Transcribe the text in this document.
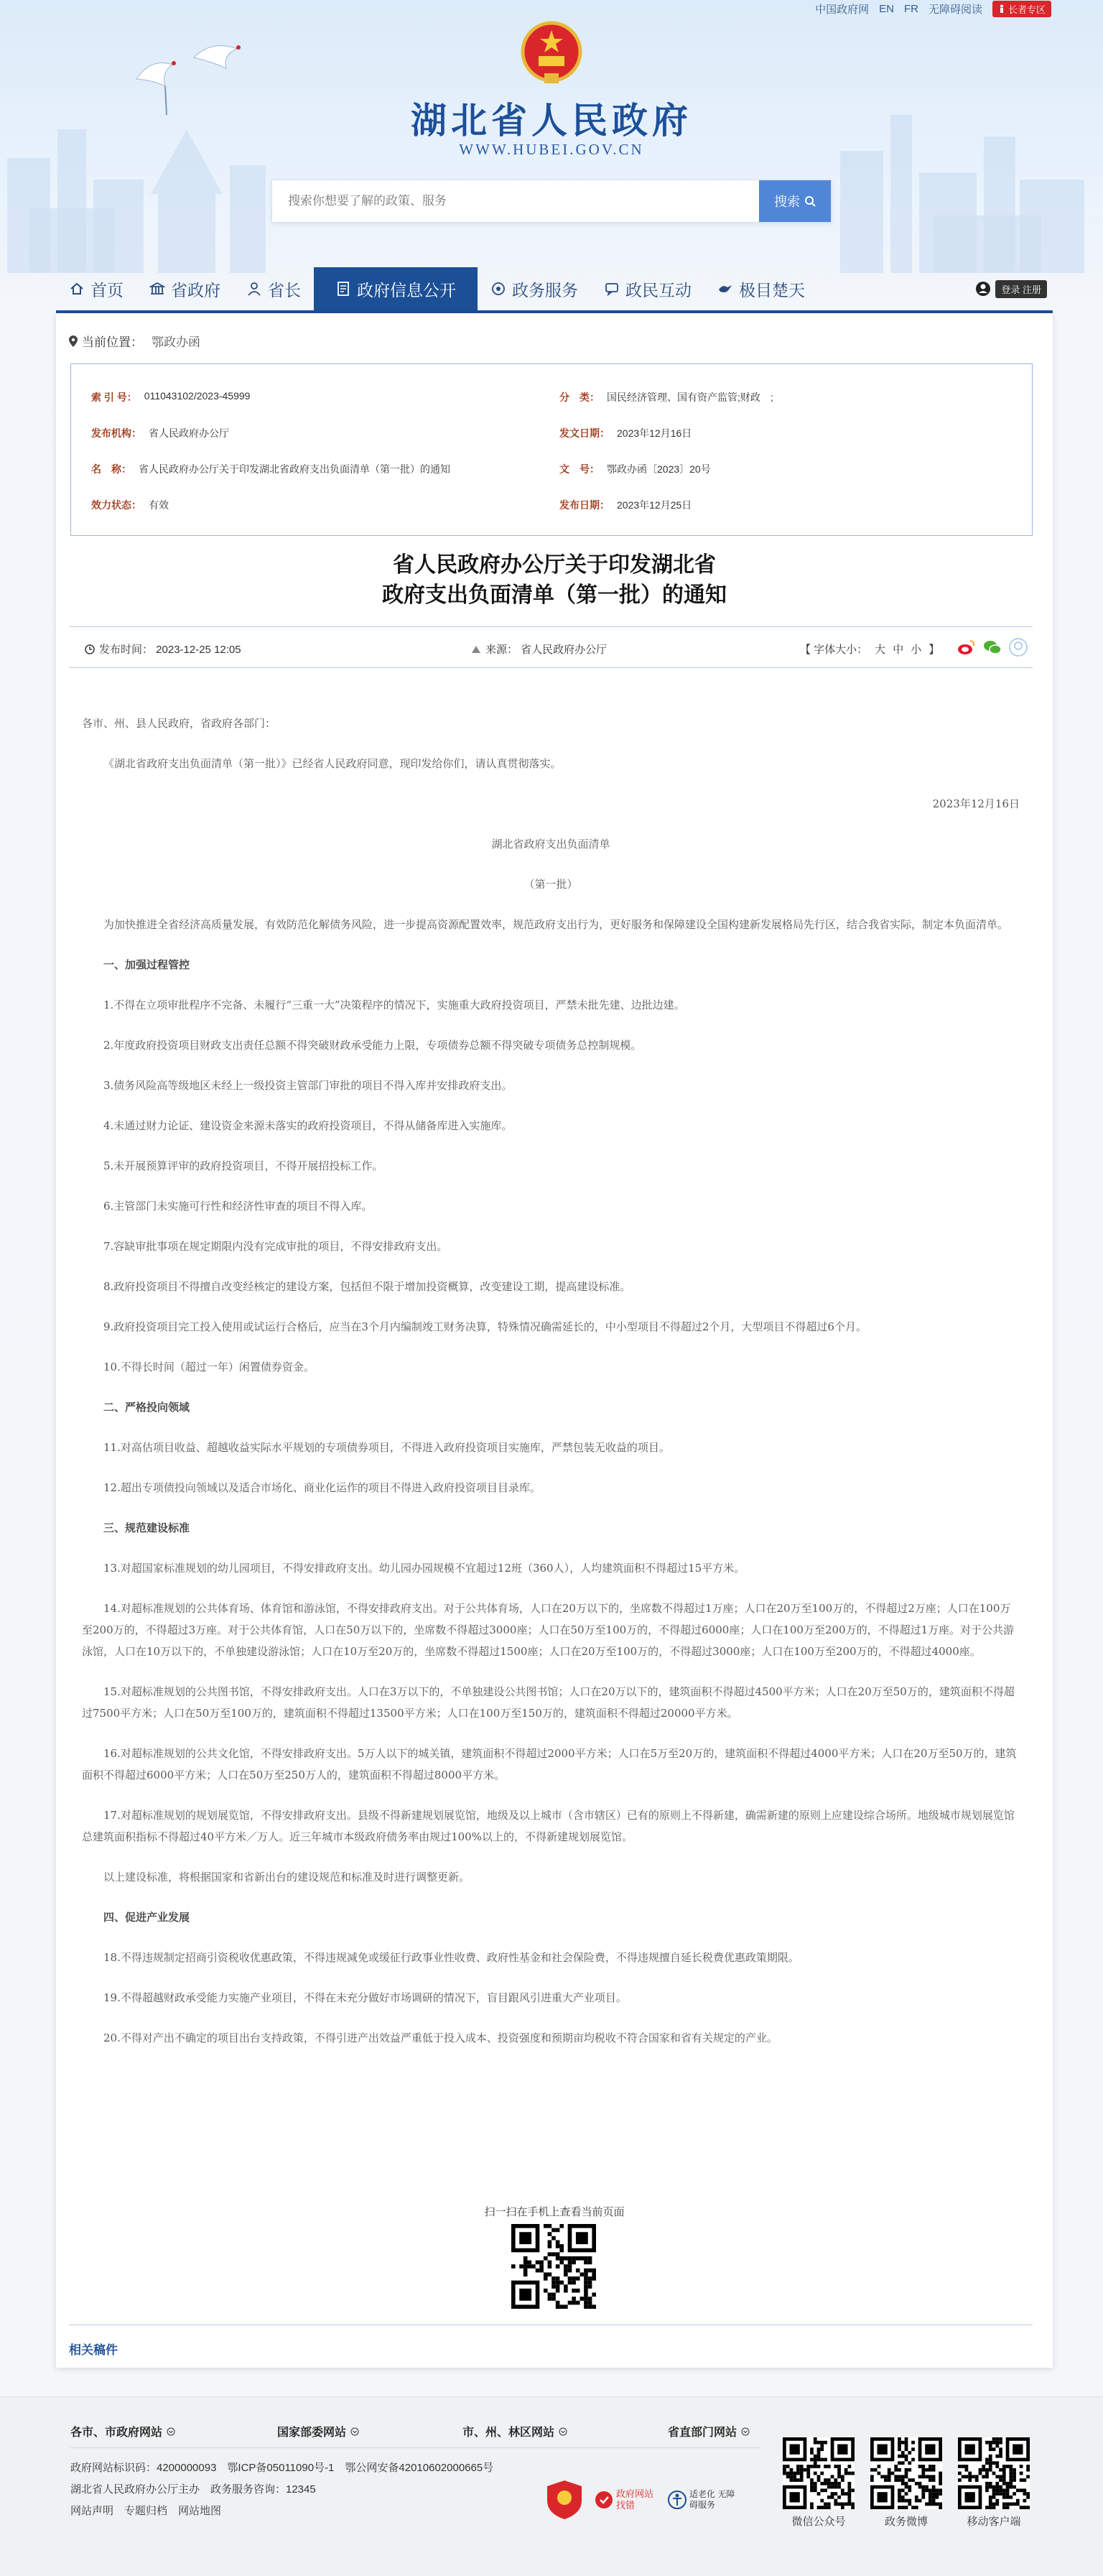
湖北省人民政府
WWW.HUBEI.GOV.CN
搜索你想要了解的政策、服务
搜索
中国政府网 EN FR 无障碍阅读	长者专区
首页	省政府	省长	政府信息公开	政务服务	政民互动	极目楚天	登录 注册
当前位置： 鄂政办函
索 引 号： 011043102/2023-45999	分　类： 国民经济管理、国有资产监管;财政　;
发布机构： 省人民政府办公厅	发文日期： 2023年12月16日
名　称： 省人民政府办公厅关于印发湖北省政府支出负面清单（第一批）的通知	文　号： 鄂政办函〔2023〕20号
效力状态： 有效	发布日期： 2023年12月25日
省人民政府办公厅关于印发湖北省
政府支出负面清单（第一批）的通知
发布时间： 2023-12-25 12:05	来源： 省人民政府办公厅	【 字体大小： 大 中 小 】

各市、州、县人民政府，省政府各部门：

《湖北省政府支出负面清单（第一批）》已经省人民政府同意，现印发给你们，请认真贯彻落实。

2023年12月16日

湖北省政府支出负面清单

（第一批）

为加快推进全省经济高质量发展，有效防范化解债务风险，进一步提高资源配置效率，规范政府支出行为，更好服务和保障建设全国构建新发展格局先行区，结合我省实际，制定本负面清单。

一、加强过程管控

1.不得在立项审批程序不完备、未履行“三重一大”决策程序的情况下，实施重大政府投资项目，严禁未批先建、边批边建。

2.年度政府投资项目财政支出责任总额不得突破财政承受能力上限，专项债券总额不得突破专项债务总控制规模。

3.债务风险高等级地区未经上一级投资主管部门审批的项目不得入库并安排政府支出。

4.未通过财力论证、建设资金来源未落实的政府投资项目，不得从储备库进入实施库。

5.未开展预算评审的政府投资项目，不得开展招投标工作。

6.主管部门未实施可行性和经济性审查的项目不得入库。

7.容缺审批事项在规定期限内没有完成审批的项目，不得安排政府支出。

8.政府投资项目不得擅自改变经核定的建设方案，包括但不限于增加投资概算，改变建设工期，提高建设标准。

9.政府投资项目完工投入使用或试运行合格后，应当在3个月内编制竣工财务决算，特殊情况确需延长的，中小型项目不得超过2个月，大型项目不得超过6个月。

10.不得长时间（超过一年）闲置债券资金。

二、严格投向领域

11.对高估项目收益、超越收益实际水平规划的专项债券项目，不得进入政府投资项目实施库，严禁包装无收益的项目。

12.超出专项债投向领域以及适合市场化、商业化运作的项目不得进入政府投资项目目录库。

三、规范建设标准

13.对超国家标准规划的幼儿园项目，不得安排政府支出。幼儿园办园规模不宜超过12班（360人），人均建筑面积不得超过15平方米。

14.对超标准规划的公共体育场、体育馆和游泳馆，不得安排政府支出。对于公共体育场，人口在20万以下的，坐席数不得超过1万座；人口在20万至100万的，不得超过2万座；人口在100万至200万的，不得超过3万座。对于公共体育馆，人口在50万以下的，坐席数不得超过3000座；人口在50万至100万的，不得超过6000座；人口在100万至200万的，不得超过1万座。对于公共游泳馆，人口在10万以下的，不单独建设游泳馆；人口在10万至20万的，坐席数不得超过1500座；人口在20万至100万的，不得超过3000座；人口在100万至200万的，不得超过4000座。

15.对超标准规划的公共图书馆，不得安排政府支出。人口在3万以下的，不单独建设公共图书馆；人口在20万以下的，建筑面积不得超过4500平方米；人口在20万至50万的，建筑面积不得超过7500平方米；人口在50万至100万的，建筑面积不得超过13500平方米；人口在100万至150万的，建筑面积不得超过20000平方米。

16.对超标准规划的公共文化馆，不得安排政府支出。5万人以下的城关镇，建筑面积不得超过2000平方米；人口在5万至20万的，建筑面积不得超过4000平方米；人口在20万至50万的，建筑面积不得超过6000平方米；人口在50万至250万人的，建筑面积不得超过8000平方米。

17.对超标准规划的规划展览馆，不得安排政府支出。县级不得新建规划展览馆，地级及以上城市（含市辖区）已有的原则上不得新建，确需新建的原则上应建设综合场所。地级城市规划展览馆总建筑面积指标不得超过40平方米／万人。近三年城市本级政府债务率由规过100%以上的，不得新建规划展览馆。

以上建设标准，将根据国家和省新出台的建设规范和标准及时进行调整更新。

四、促进产业发展

18.不得违规制定招商引资税收优惠政策，不得违规减免或缓征行政事业性收费、政府性基金和社会保险费，不得违规擅自延长税费优惠政策期限。

19.不得超越财政承受能力实施产业项目，不得在未充分做好市场调研的情况下，盲目跟风引进重大产业项目。

20.不得对产出不确定的项目出台支持政策，不得引进产出效益严重低于投入成本、投资强度和预期亩均税收不符合国家和省有关规定的产业。

扫一扫在手机上查看当前页面
相关稿件
各市、市政府网站	国家部委网站	市、州、林区网站	省直部门网站
政府网站标识码：4200000093　鄂ICP备05011090号-1　鄂公网安备42010602000665号
湖北省人民政府办公厅主办　政务服务咨询：12345
网站声明　专题归档　网站地图
政府网站 找错
适老化 无障碍服务
微信公众号	政务微博	移动客户端
